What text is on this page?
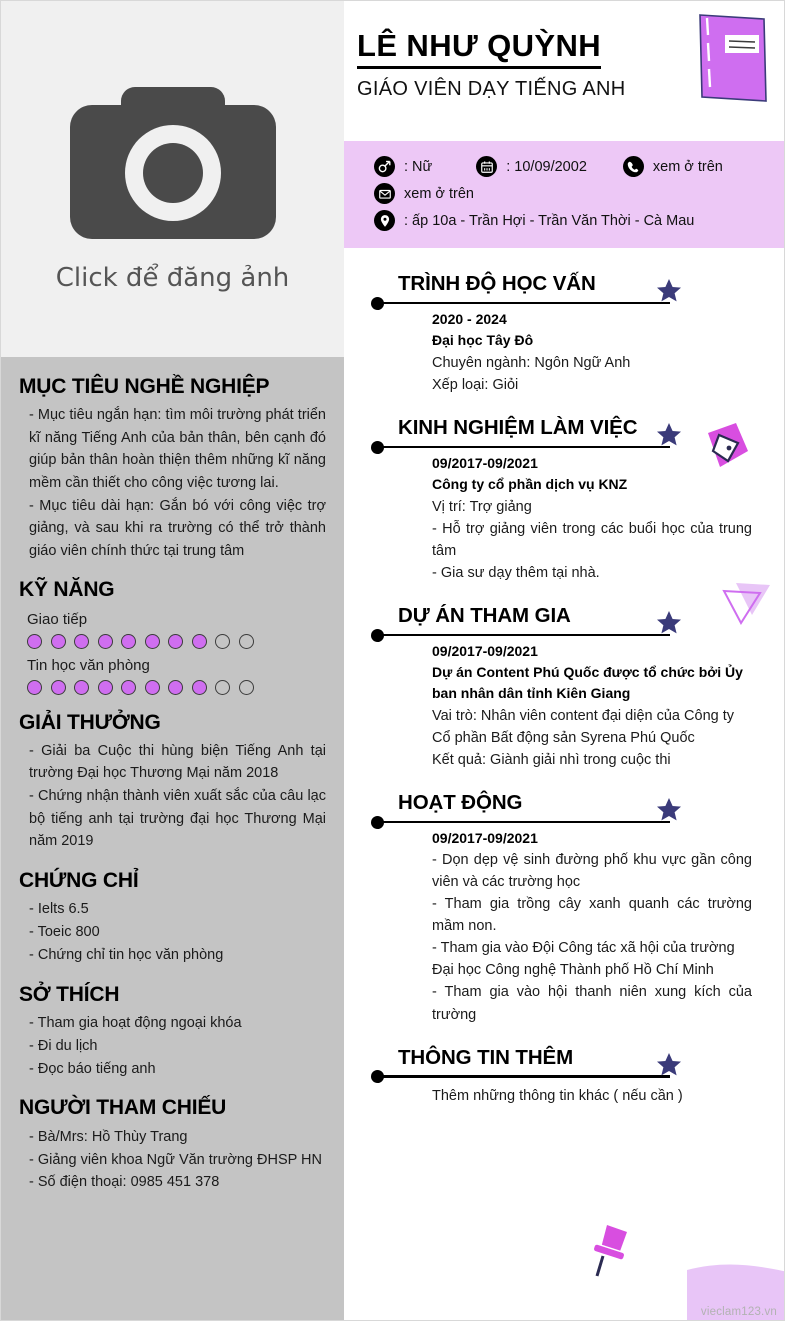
Click để đăng ảnh
MỤC TIÊU NGHỀ NGHIỆP

- Mục tiêu ngắn hạn: tìm môi trường phát triển kĩ năng Tiếng Anh của bản thân, bên cạnh đó giúp bản thân hoàn thiện thêm những kĩ năng mềm cần thiết cho công việc tương lai.

- Mục tiêu dài hạn: Gắn bó với công việc trợ giảng, và sau khi ra trường có thể trở thành giáo viên chính thức tại trung tâm

KỸ NĂNG
Giao tiếp
Tin học văn phòng
GIẢI THƯỞNG

- Giải ba Cuộc thi hùng biện Tiếng Anh tại trường Đại học Thương Mại năm 2018

- Chứng nhận thành viên xuất sắc của câu lạc bộ tiếng anh tại trường đại học Thương Mại năm 2019

CHỨNG CHỈ
- Ielts 6.5
- Toeic 800
- Chứng chỉ tin học văn phòng
SỞ THÍCH
- Tham gia hoạt động ngoại khóa
- Đi du lịch
- Đọc báo tiếng anh
NGƯỜI THAM CHIẾU
- Bà/Mrs: Hồ Thùy Trang
- Giảng viên khoa Ngữ Văn trường ĐHSP HN
- Số điện thoại: 0985 451 378
LÊ NHƯ QUỲNH
GIÁO VIÊN DẠY TIẾNG ANH
: Nữ	: 10/09/2002	xem ở trên
xem ở trên
: ấp 10a - Trần Hợi - Trần Văn Thời - Cà Mau
TRÌNH ĐỘ HỌC VẤN
2020 - 2024
Đại học Tây Đô
Chuyên ngành: Ngôn Ngữ Anh
Xếp loại: Giỏi
KINH NGHIỆM LÀM VIỆC
09/2017-09/2021
Công ty cổ phần dịch vụ KNZ
Vị trí: Trợ giảng
- Hỗ trợ giảng viên trong các buổi học của trung tâm
- Gia sư dạy thêm tại nhà.
DỰ ÁN THAM GIA
09/2017-09/2021
Dự án Content Phú Quốc được tổ chức bởi Ủy ban nhân dân tỉnh Kiên Giang
Vai trò: Nhân viên content đại diện của Công ty Cổ phần Bất động sản Syrena Phú Quốc
Kết quả: Giành giải nhì trong cuộc thi
HOẠT ĐỘNG
09/2017-09/2021
- Dọn dẹp vệ sinh đường phố khu vực gần công viên và các trường học
- Tham gia trồng cây xanh quanh các trường mầm non.
- Tham gia vào Đội Công tác xã hội của trường Đại học Công nghệ Thành phố Hồ Chí Minh
- Tham gia vào hội thanh niên xung kích của trường
THÔNG TIN THÊM
Thêm những thông tin khác ( nếu cần )
vieclam123.vn
